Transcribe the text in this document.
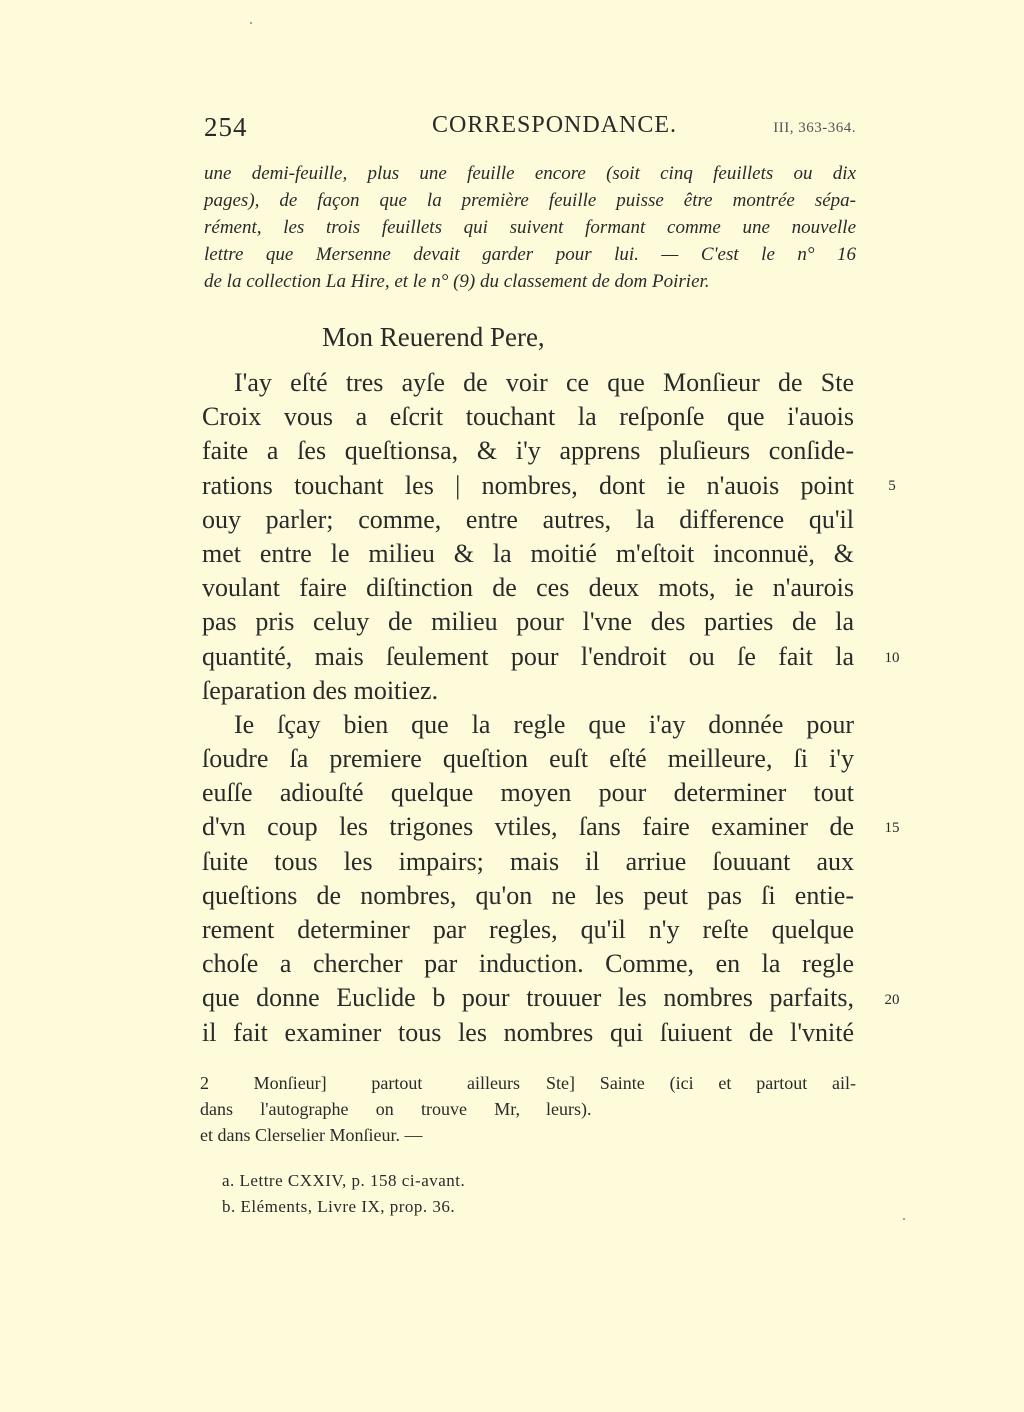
254	CORRESPONDANCE.	III, 363-364.
une demi-feuille, plus une feuille encore (soit cinq feuillets ou dix
pages), de façon que la première feuille puisse être montrée sépa-
rément, les trois feuillets qui suivent formant comme une nouvelle
lettre que Mersenne devait garder pour lui. — C'est le n° 16
de la collection La Hire, et le n° (9) du classement de dom Poirier.
Mon Reuerend Pere,
I'ay eſté tres ayſe de voir ce que Monſieur de Ste
Croix vous a eſcrit touchant la reſponſe que i'auois
faite a ſes queſtionsa, & i'y apprens pluſieurs conſide-
rations touchant les | nombres, dont ie n'auois point
ouy parler; comme, entre autres, la difference qu'il
met entre le milieu & la moitié m'eſtoit inconnuë, &
voulant faire diſtinction de ces deux mots, ie n'aurois
pas pris celuy de milieu pour l'vne des parties de la
quantité, mais ſeulement pour l'endroit ou ſe fait la
ſeparation des moitiez.
Ie ſçay bien que la regle que i'ay donnée pour
ſoudre ſa premiere queſtion euſt eſté meilleure, ſi i'y
euſſe adiouſté quelque moyen pour determiner tout
d'vn coup les trigones vtiles, ſans faire examiner de
ſuite tous les impairs; mais il arriue ſouuant aux
queſtions de nombres, qu'on ne les peut pas ſi entie-
rement determiner par regles, qu'il n'y reſte quelque
choſe a chercher par induction. Comme, en la regle
que donne Euclide b pour trouuer les nombres parfaits,
il fait examiner tous les nombres qui ſuiuent de l'vnité
5
10
15
20
2 Monſieur] partout ailleurs
dans l'autographe on trouve Mr,
et dans Clerselier Monſieur. —
Ste] Sainte (ici et partout ail-
leurs).
a. Lettre CXXIV, p. 158 ci-avant.
b. Eléments, Livre IX, prop. 36.
